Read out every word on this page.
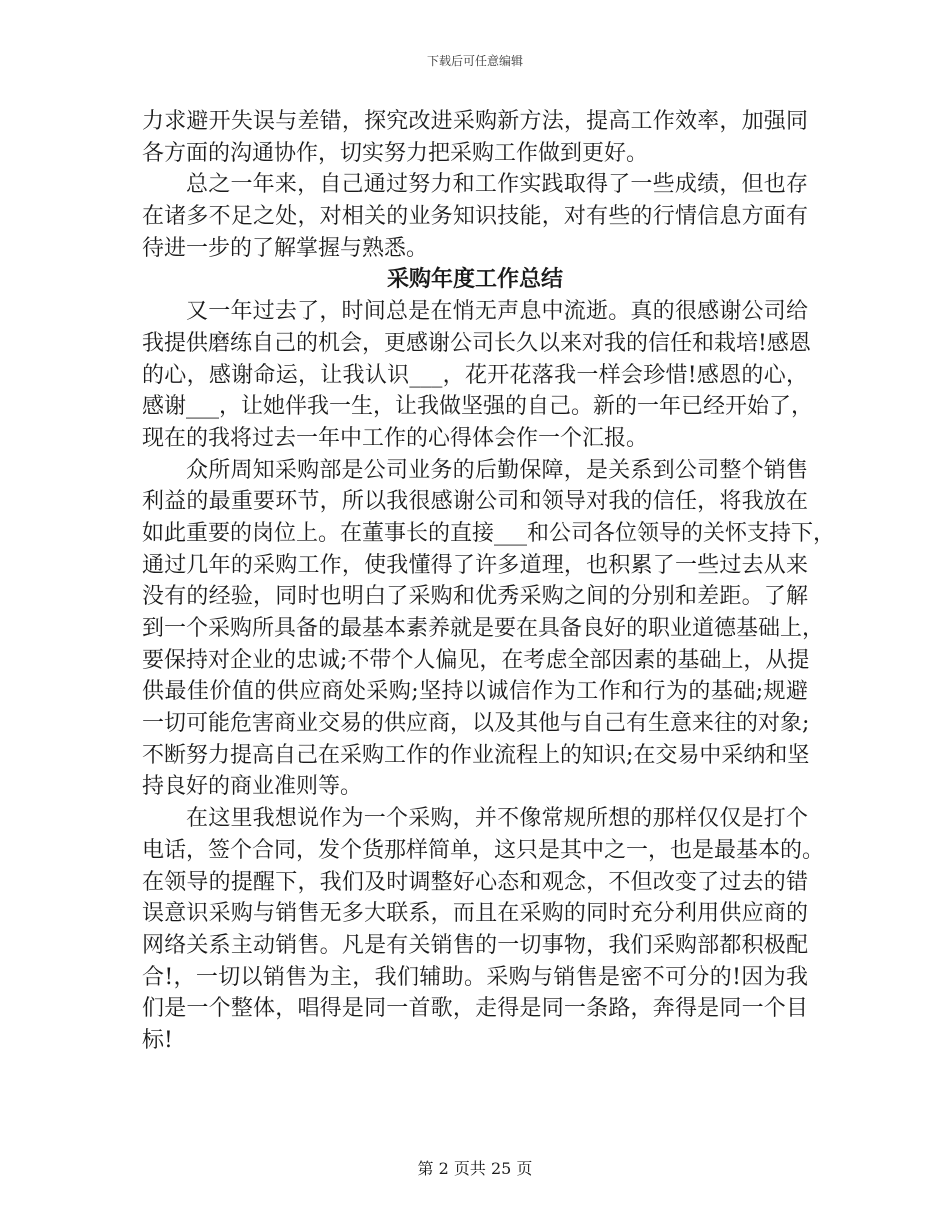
下载后可任意编辑
力求避开失误与差错，探究改进采购新方法，提高工作效率，加强同
各方面的沟通协作，切实努力把采购工作做到更好。
总之一年来，自己通过努力和工作实践取得了一些成绩，但也存
在诸多不足之处，对相关的业务知识技能，对有些的行情信息方面有
待进一步的了解掌握与熟悉。
采购年度工作总结
又一年过去了，时间总是在悄无声息中流逝。真的很感谢公司给
我提供磨练自己的机会，更感谢公司长久以来对我的信任和栽培!感恩
的心，感谢命运，让我认识___，花开花落我一样会珍惜!感恩的心，
感谢___，让她伴我一生，让我做坚强的自己。新的一年已经开始了，
现在的我将过去一年中工作的心得体会作一个汇报。
众所周知采购部是公司业务的后勤保障，是关系到公司整个销售
利益的最重要环节，所以我很感谢公司和领导对我的信任，将我放在
如此重要的岗位上。在董事长的直接___和公司各位领导的关怀支持下，
通过几年的采购工作，使我懂得了许多道理，也积累了一些过去从来
没有的经验，同时也明白了采购和优秀采购之间的分别和差距。了解
到一个采购所具备的最基本素养就是要在具备良好的职业道德基础上，
要保持对企业的忠诚;不带个人偏见，在考虑全部因素的基础上，从提
供最佳价值的供应商处采购;坚持以诚信作为工作和行为的基础;规避
一切可能危害商业交易的供应商，以及其他与自己有生意来往的对象;
不断努力提高自己在采购工作的作业流程上的知识;在交易中采纳和坚
持良好的商业准则等。
在这里我想说作为一个采购，并不像常规所想的那样仅仅是打个
电话，签个合同，发个货那样简单，这只是其中之一，也是最基本的。
在领导的提醒下，我们及时调整好心态和观念，不但改变了过去的错
误意识采购与销售无多大联系，而且在采购的同时充分利用供应商的
网络关系主动销售。凡是有关销售的一切事物，我们采购部都积极配
合!，一切以销售为主，我们辅助。采购与销售是密不可分的!因为我
们是一个整体，唱得是同一首歌，走得是同一条路，奔得是同一个目
标!
第 2 页共 25 页
